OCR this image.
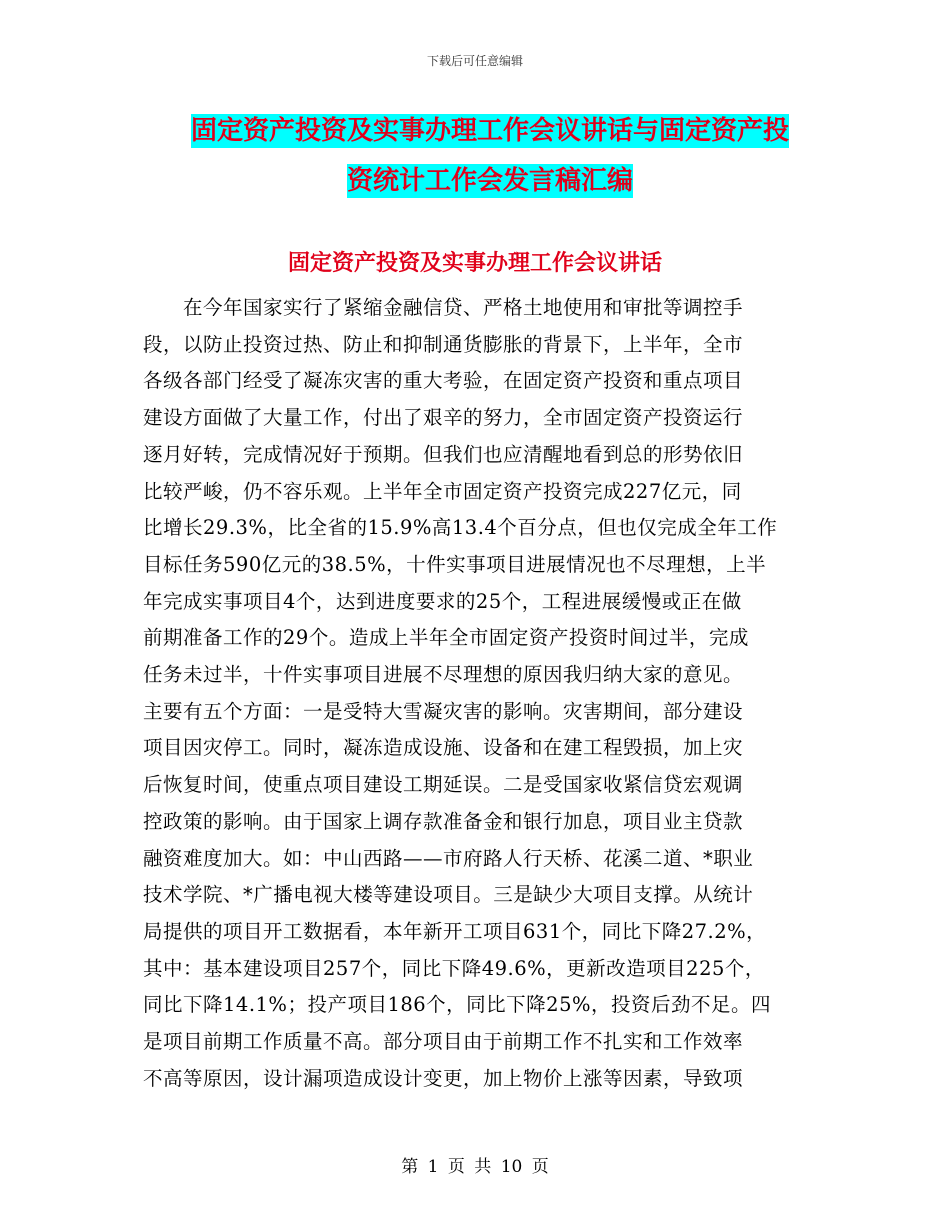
下载后可任意编辑
固定资产投资及实事办理工作会议讲话与固定资产投
资统计工作会发言稿汇编
固定资产投资及实事办理工作会议讲话
　　在今年国家实行了紧缩金融信贷、严格土地使用和审批等调控手
段，以防止投资过热、防止和抑制通货膨胀的背景下，上半年，全市
各级各部门经受了凝冻灾害的重大考验，在固定资产投资和重点项目
建设方面做了大量工作，付出了艰辛的努力，全市固定资产投资运行
逐月好转，完成情况好于预期。但我们也应清醒地看到总的形势依旧
比较严峻，仍不容乐观。上半年全市固定资产投资完成227亿元，同
比增长29.3%，比全省的15.9%高13.4个百分点，但也仅完成全年工作
目标任务590亿元的38.5%，十件实事项目进展情况也不尽理想，上半
年完成实事项目4个，达到进度要求的25个，工程进展缓慢或正在做
前期准备工作的29个。造成上半年全市固定资产投资时间过半，完成
任务未过半，十件实事项目进展不尽理想的原因我归纳大家的意见。
主要有五个方面：一是受特大雪凝灾害的影响。灾害期间，部分建设
项目因灾停工。同时，凝冻造成设施、设备和在建工程毁损，加上灾
后恢复时间，使重点项目建设工期延误。二是受国家收紧信贷宏观调
控政策的影响。由于国家上调存款准备金和银行加息，项目业主贷款
融资难度加大。如：中山西路——市府路人行天桥、花溪二道、*职业
技术学院、*广播电视大楼等建设项目。三是缺少大项目支撑。从统计
局提供的项目开工数据看，本年新开工项目631个，同比下降27.2%，
其中：基本建设项目257个，同比下降49.6%，更新改造项目225个，
同比下降14.1%；投产项目186个，同比下降25%，投资后劲不足。四
是项目前期工作质量不高。部分项目由于前期工作不扎实和工作效率
不高等原因，设计漏项造成设计变更，加上物价上涨等因素，导致项
第 1 页 共 10 页
